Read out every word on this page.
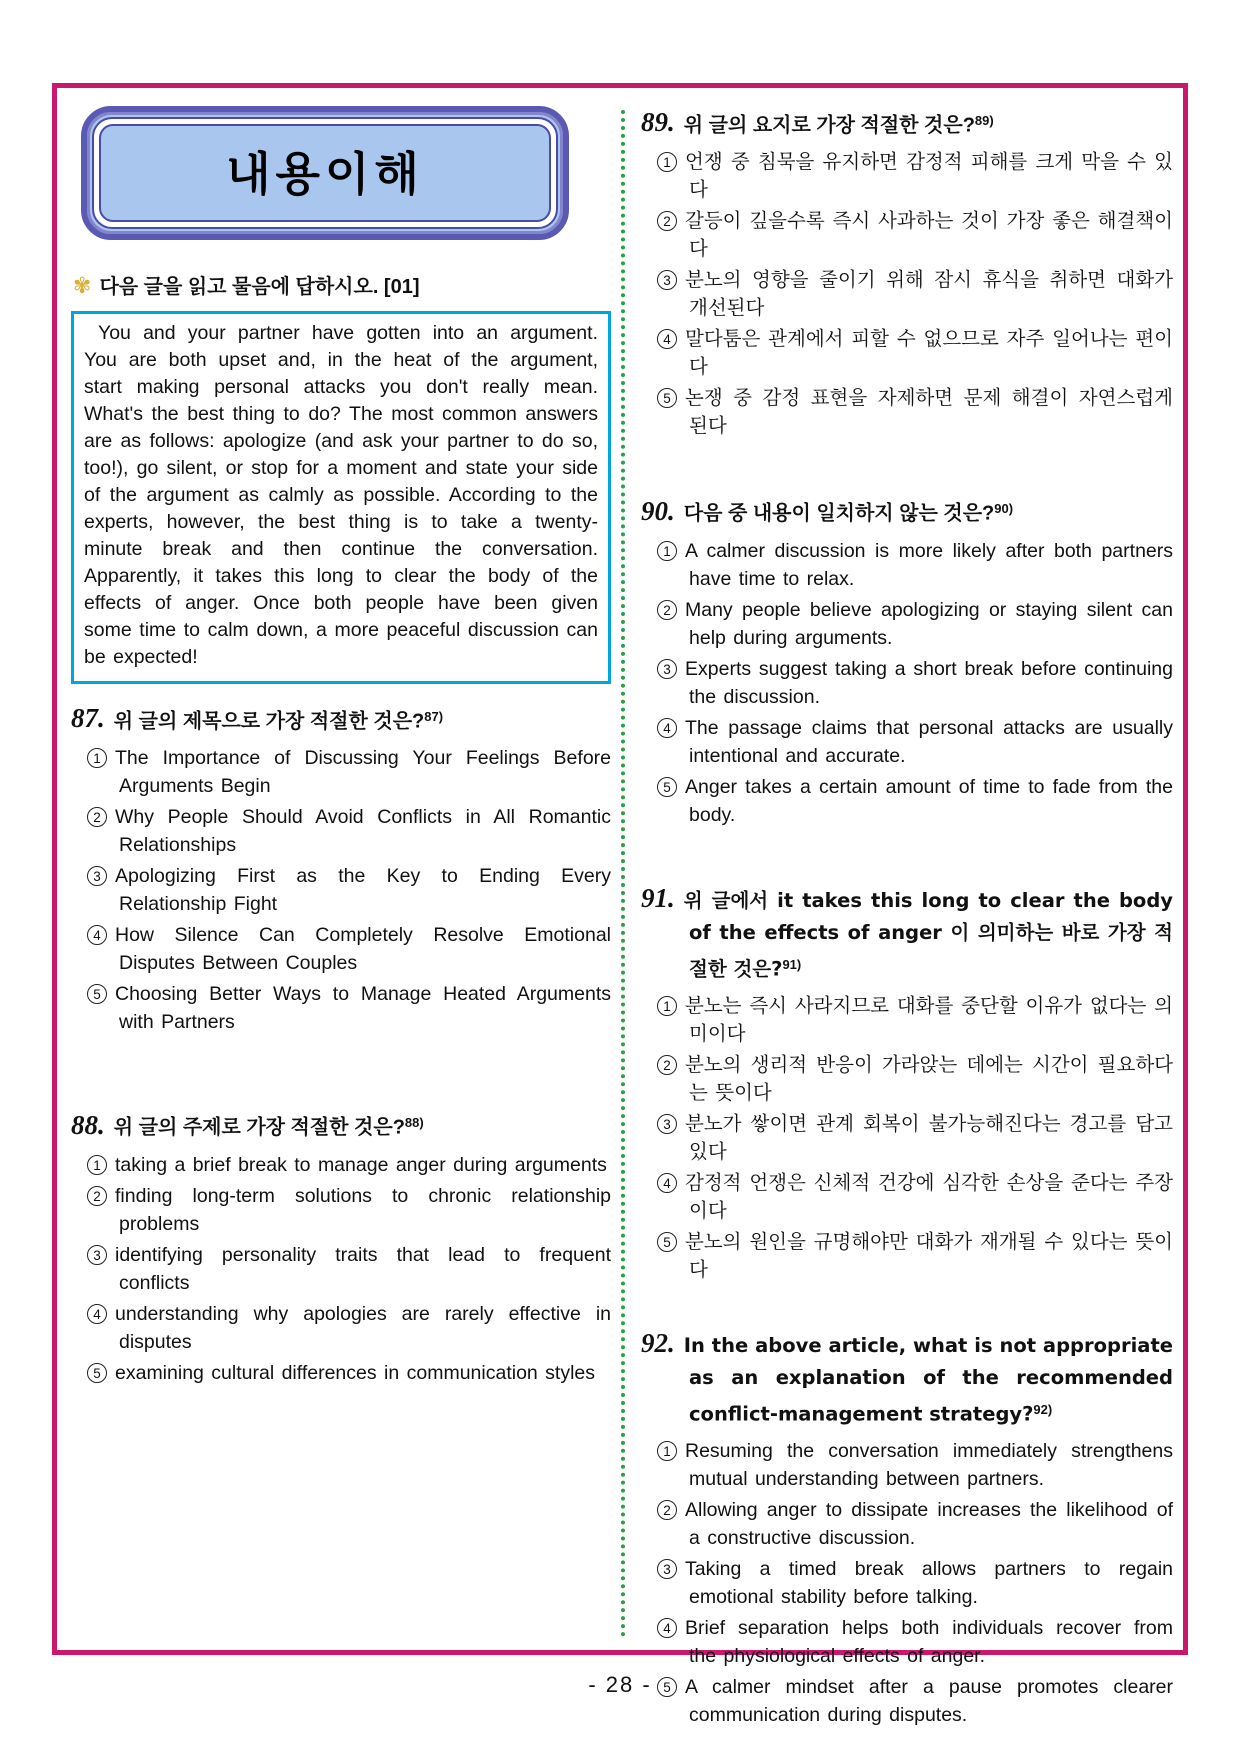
내용이해
✾ 다음 글을 읽고 물음에 답하시오. [01]

You and your partner have gotten into an argument. You are both upset and, in the heat of the argument, start making personal attacks you don't really mean. What's the best thing to do? The most common answers are as follows: apologize (and ask your partner to do so, too!), go silent, or stop for a moment and state your side of the argument as calmly as possible. According to the experts, however, the best thing is to take a twenty-minute break and then continue the conversation. Apparently, it takes this long to clear the body of the effects of anger. Once both people have been given some time to calm down, a more peaceful discussion can be expected!

87. 위 글의 제목으로 가장 적절한 것은?$^{87)}$

1 The Importance of Discussing Your Feelings Before Arguments Begin

2 Why People Should Avoid Conflicts in All Romantic Relationships

3 Apologizing First as the Key to Ending Every Relationship Fight

4 How Silence Can Completely Resolve Emotional Disputes Between Couples

5 Choosing Better Ways to Manage Heated Arguments with Partners

88. 위 글의 주제로 가장 적절한 것은?$^{88)}$

1 taking a brief break to manage anger during arguments

2 finding long-term solutions to chronic relationship problems

3 identifying personality traits that lead to frequent conflicts

4 understanding why apologies are rarely effective in disputes

5 examining cultural differences in communication styles

89. 위 글의 요지로 가장 적절한 것은?$^{89)}$

1 언쟁 중 침묵을 유지하면 감정적 피해를 크게 막을 수 있다

2 갈등이 깊을수록 즉시 사과하는 것이 가장 좋은 해결책이다

3 분노의 영향을 줄이기 위해 잠시 휴식을 취하면 대화가 개선된다

4 말다툼은 관계에서 피할 수 없으므로 자주 일어나는 편이다

5 논쟁 중 감정 표현을 자제하면 문제 해결이 자연스럽게 된다

90. 다음 중 내용이 일치하지 않는 것은?$^{90)}$

1 A calmer discussion is more likely after both partners have time to relax.

2 Many people believe apologizing or staying silent can help during arguments.

3 Experts suggest taking a short break before continuing the discussion.

4 The passage claims that personal attacks are usually intentional and accurate.

5 Anger takes a certain amount of time to fade from the body.

91. 위 글에서 it takes this long to clear the body of the effects of anger 이 의미하는 바로 가장 적절한 것은?$^{91)}$

1 분노는 즉시 사라지므로 대화를 중단할 이유가 없다는 의미이다

2 분노의 생리적 반응이 가라앉는 데에는 시간이 필요하다는 뜻이다

3 분노가 쌓이면 관계 회복이 불가능해진다는 경고를 담고 있다

4 감정적 언쟁은 신체적 건강에 심각한 손상을 준다는 주장이다

5 분노의 원인을 규명해야만 대화가 재개될 수 있다는 뜻이다

92. In the above article, what is not appropriate as an explanation of the recommended conflict-management strategy?$^{92)}$

1 Resuming the conversation immediately strengthens mutual understanding between partners.

2 Allowing anger to dissipate increases the likelihood of a constructive discussion.

3 Taking a timed break allows partners to regain emotional stability before talking.

4 Brief separation helps both individuals recover from the physiological effects of anger.

5 A calmer mindset after a pause promotes clearer communication during disputes.

- 28 -
